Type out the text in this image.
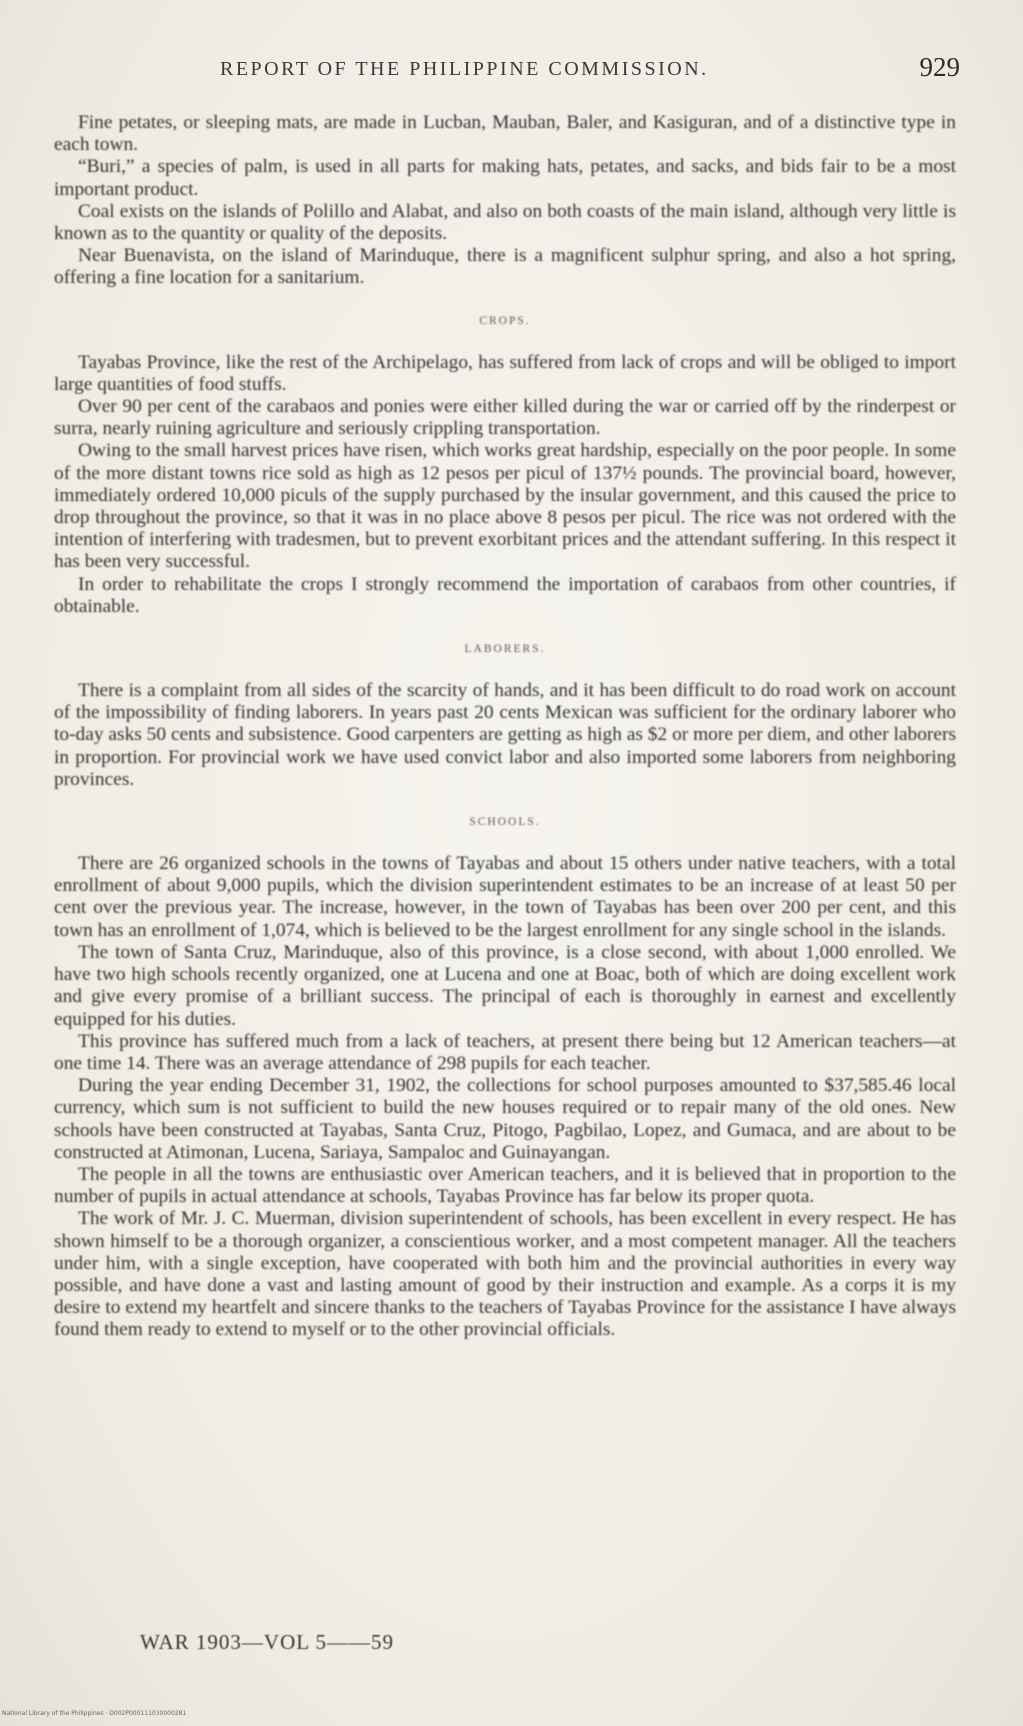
REPORT OF THE PHILIPPINE COMMISSION.	929

Fine petates, or sleeping mats, are made in Lucban, Mauban, Baler, and Kasiguran, and of a distinctive type in each town.

“Buri,” a species of palm, is used in all parts for making hats, petates, and sacks, and bids fair to be a most important product.

Coal exists on the islands of Polillo and Alabat, and also on both coasts of the main island, although very little is known as to the quantity or quality of the deposits.

Near Buenavista, on the island of Marinduque, there is a magnificent sulphur spring, and also a hot spring, offering a fine location for a sanitarium.

CROPS.

Tayabas Province, like the rest of the Archipelago, has suffered from lack of crops and will be obliged to import large quantities of food stuffs.

Over 90 per cent of the carabaos and ponies were either killed during the war or carried off by the rinderpest or surra, nearly ruining agriculture and seriously crippling transportation.

Owing to the small harvest prices have risen, which works great hardship, especially on the poor people. In some of the more distant towns rice sold as high as 12 pesos per picul of 137½ pounds. The provincial board, however, immediately ordered 10,000 piculs of the supply purchased by the insular government, and this caused the price to drop throughout the province, so that it was in no place above 8 pesos per picul. The rice was not ordered with the intention of interfering with tradesmen, but to prevent exorbitant prices and the attendant suffering. In this respect it has been very successful.

In order to rehabilitate the crops I strongly recommend the importation of carabaos from other countries, if obtainable.

LABORERS.

There is a complaint from all sides of the scarcity of hands, and it has been difficult to do road work on account of the impossibility of finding laborers. In years past 20 cents Mexican was sufficient for the ordinary laborer who to-day asks 50 cents and subsistence. Good carpenters are getting as high as $2 or more per diem, and other laborers in proportion. For provincial work we have used convict labor and also imported some laborers from neighboring provinces.

SCHOOLS.

There are 26 organized schools in the towns of Tayabas and about 15 others under native teachers, with a total enrollment of about 9,000 pupils, which the division superintendent estimates to be an increase of at least 50 per cent over the previous year. The increase, however, in the town of Tayabas has been over 200 per cent, and this town has an enrollment of 1,074, which is believed to be the largest enrollment for any single school in the islands.

The town of Santa Cruz, Marinduque, also of this province, is a close second, with about 1,000 enrolled. We have two high schools recently organized, one at Lucena and one at Boac, both of which are doing excellent work and give every promise of a brilliant success. The principal of each is thoroughly in earnest and excellently equipped for his duties.

This province has suffered much from a lack of teachers, at present there being but 12 American teachers—at one time 14. There was an average attendance of 298 pupils for each teacher.

During the year ending December 31, 1902, the collections for school purposes amounted to $37,585.46 local currency, which sum is not sufficient to build the new houses required or to repair many of the old ones. New schools have been constructed at Tayabas, Santa Cruz, Pitogo, Pagbilao, Lopez, and Gumaca, and are about to be constructed at Atimonan, Lucena, Sariaya, Sampaloc and Guinayangan.

The people in all the towns are enthusiastic over American teachers, and it is believed that in proportion to the number of pupils in actual attendance at schools, Tayabas Province has far below its proper quota.

The work of Mr. J. C. Muerman, division superintendent of schools, has been excellent in every respect. He has shown himself to be a thorough organizer, a conscientious worker, and a most competent manager. All the teachers under him, with a single exception, have cooperated with both him and the provincial authorities in every way possible, and have done a vast and lasting amount of good by their instruction and example. As a corps it is my desire to extend my heartfelt and sincere thanks to the teachers of Tayabas Province for the assistance I have always found them ready to extend to myself or to the other provincial officials.

WAR 1903—VOL 5——59
National Library of the Philippines · D002P000111030000281
